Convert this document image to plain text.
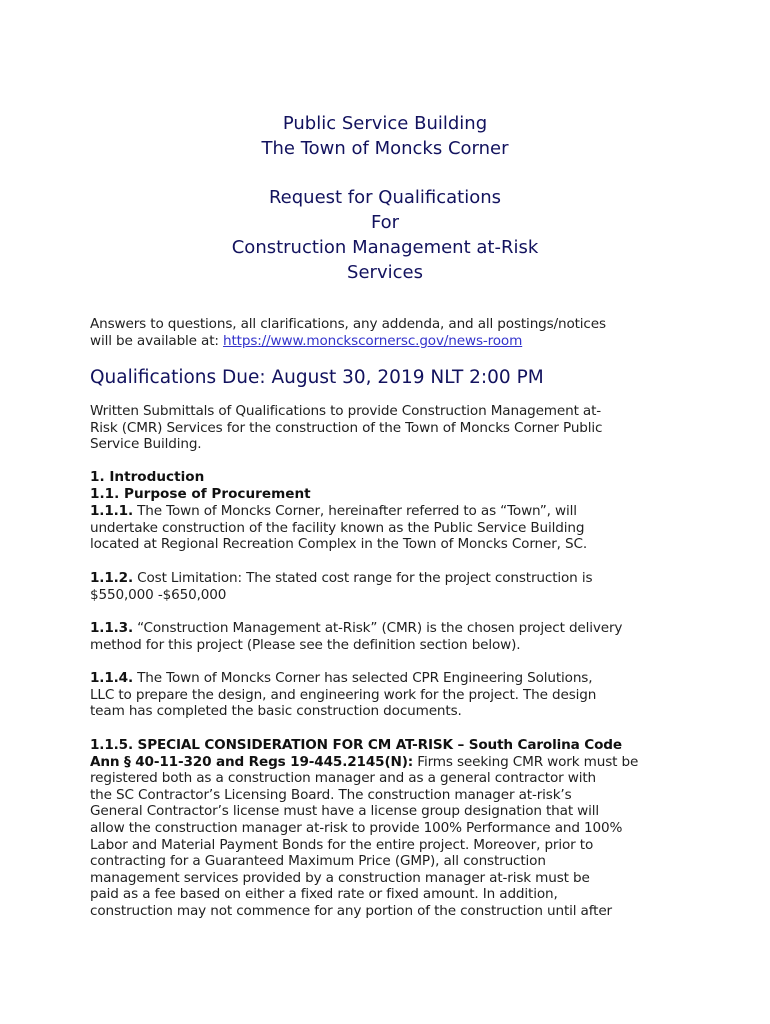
Public Service Building
The Town of Moncks Corner
Request for Qualifications
For
Construction Management at-Risk
Services
Answers to questions, all clarifications, any addenda, and all postings/notices
will be available at: https://www.monckscornersc.gov/news-room
Qualifications Due: August 30, 2019 NLT 2:00 PM
Written Submittals of Qualifications to provide Construction Management at-
Risk (CMR) Services for the construction of the Town of Moncks Corner Public
Service Building.
1. Introduction
1.1. Purpose of Procurement
1.1.1. The Town of Moncks Corner, hereinafter referred to as “Town”, will
undertake construction of the facility known as the Public Service Building
located at Regional Recreation Complex in the Town of Moncks Corner, SC.
1.1.2. Cost Limitation: The stated cost range for the project construction is
$550,000 -$650,000
1.1.3. “Construction Management at-Risk” (CMR) is the chosen project delivery
method for this project (Please see the definition section below).
1.1.4. The Town of Moncks Corner has selected CPR Engineering Solutions,
LLC to prepare the design, and engineering work for the project. The design
team has completed the basic construction documents.
1.1.5. SPECIAL CONSIDERATION FOR CM AT-RISK – South Carolina Code
Ann § 40-11-320 and Regs 19-445.2145(N): Firms seeking CMR work must be
registered both as a construction manager and as a general contractor with
the SC Contractor’s Licensing Board. The construction manager at-risk’s
General Contractor’s license must have a license group designation that will
allow the construction manager at-risk to provide 100% Performance and 100%
Labor and Material Payment Bonds for the entire project. Moreover, prior to
contracting for a Guaranteed Maximum Price (GMP), all construction
management services provided by a construction manager at-risk must be
paid as a fee based on either a fixed rate or fixed amount. In addition,
construction may not commence for any portion of the construction until after
